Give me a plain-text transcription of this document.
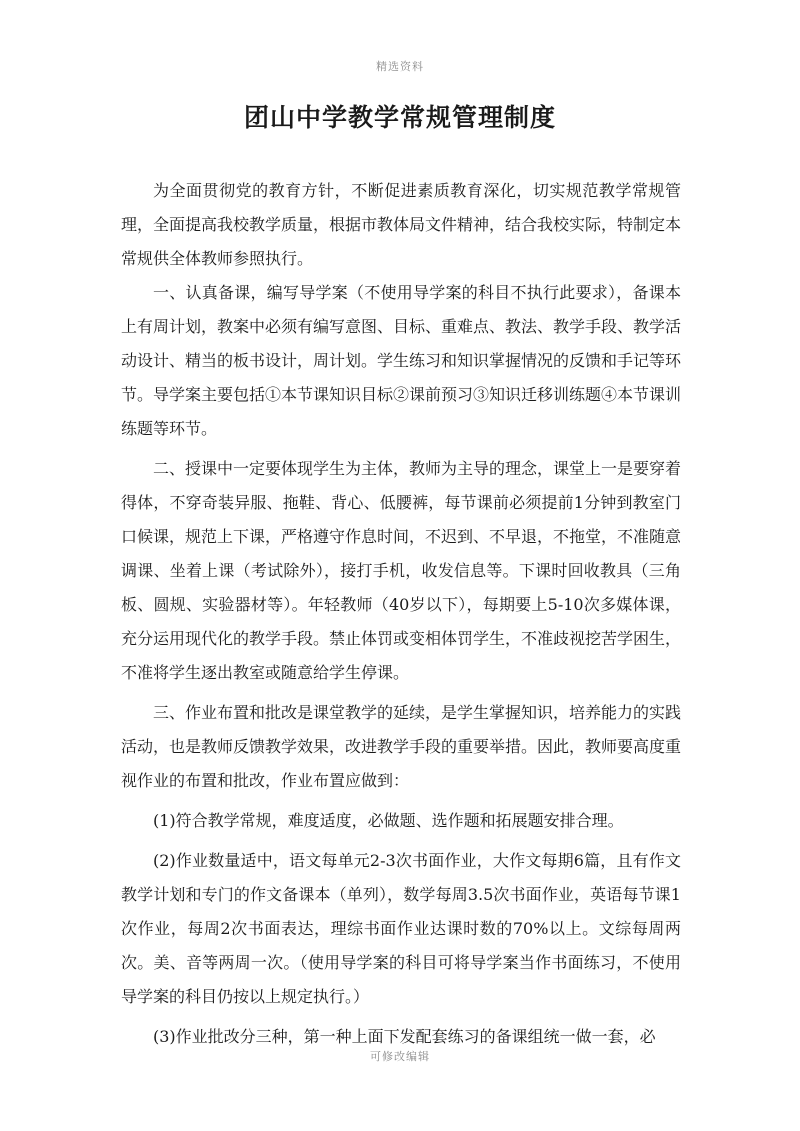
精选资料
团山中学教学常规管理制度

为全面贯彻党的教育方针，不断促进素质教育深化，切实规范教学常规管理，全面提高我校教学质量，根据市教体局文件精神，结合我校实际，特制定本常规供全体教师参照执行。

一、认真备课，编写导学案（不使用导学案的科目不执行此要求），备课本上有周计划，教案中必须有编写意图、目标、重难点、教法、教学手段、教学活动设计、精当的板书设计，周计划。学生练习和知识掌握情况的反馈和手记等环节。导学案主要包括①本节课知识目标②课前预习③知识迁移训练题④本节课训练题等环节。

二、授课中一定要体现学生为主体，教师为主导的理念，课堂上一是要穿着得体，不穿奇装异服、拖鞋、背心、低腰裤，每节课前必须提前1分钟到教室门口候课，规范上下课，严格遵守作息时间，不迟到、不早退，不拖堂，不准随意调课、坐着上课（考试除外），接打手机，收发信息等。下课时回收教具（三角板、圆规、实验器材等）。年轻教师（40岁以下），每期要上5-10次多媒体课，充分运用现代化的教学手段。禁止体罚或变相体罚学生，不准歧视挖苦学困生，不准将学生逐出教室或随意给学生停课。

三、作业布置和批改是课堂教学的延续，是学生掌握知识，培养能力的实践活动，也是教师反馈教学效果，改进教学手段的重要举措。因此，教师要高度重视作业的布置和批改，作业布置应做到：

(1)符合教学常规，难度适度，必做题、选作题和拓展题安排合理。

(2)作业数量适中，语文每单元2-3次书面作业，大作文每期6篇，且有作文教学计划和专门的作文备课本（单列），数学每周3.5次书面作业，英语每节课1次作业，每周2次书面表达，理综书面作业达课时数的70%以上。文综每周两次。美、音等两周一次。（使用导学案的科目可将导学案当作书面练习，不使用导学案的科目仍按以上规定执行。）

(3)作业批改分三种，第一种上面下发配套练习的备课组统一做一套，必

可修改编辑
